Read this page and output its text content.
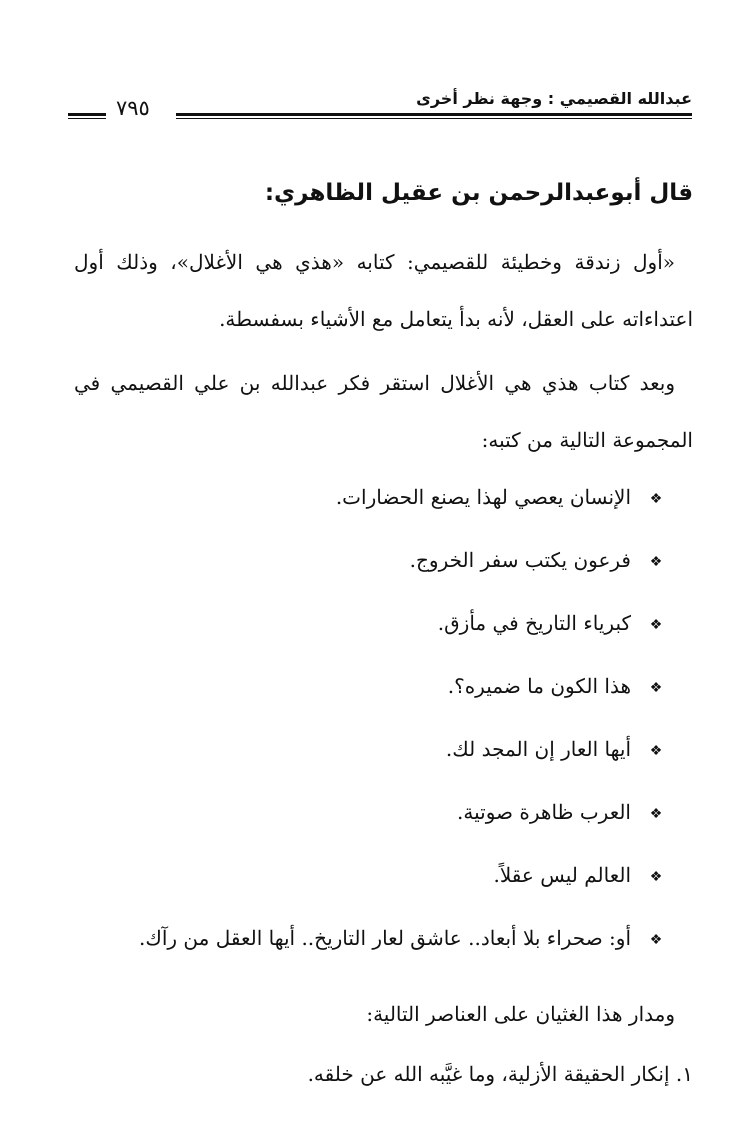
عبدالله القصيمي : وجهة نظر أخرى
٧٩٥
قال أبوعبدالرحمن بن عقيل الظاهري:

«أول زندقة وخطيئة للقصيمي: كتابه «هذي هي الأغلال»، وذلك أول اعتداءاته على العقل، لأنه بدأ يتعامل مع الأشياء بسفسطة.

وبعد كتاب هذي هي الأغلال استقر فكر عبدالله بن علي القصيمي في المجموعة التالية من كتبه:

❖الإنسان يعصي لهذا يصنع الحضارات.
❖فرعون يكتب سفر الخروج.
❖كبرياء التاريخ في مأزق.
❖هذا الكون ما ضميره؟.
❖أيها العار إن المجد لك.
❖العرب ظاهرة صوتية.
❖العالم ليس عقلاً.
❖أو: صحراء بلا أبعاد.. عاشق لعار التاريخ.. أيها العقل من رآك.

ومدار هذا الغثيان على العناصر التالية:

١. إنكار الحقيقة الأزلية، وما غيَّبه الله عن خلقه.
